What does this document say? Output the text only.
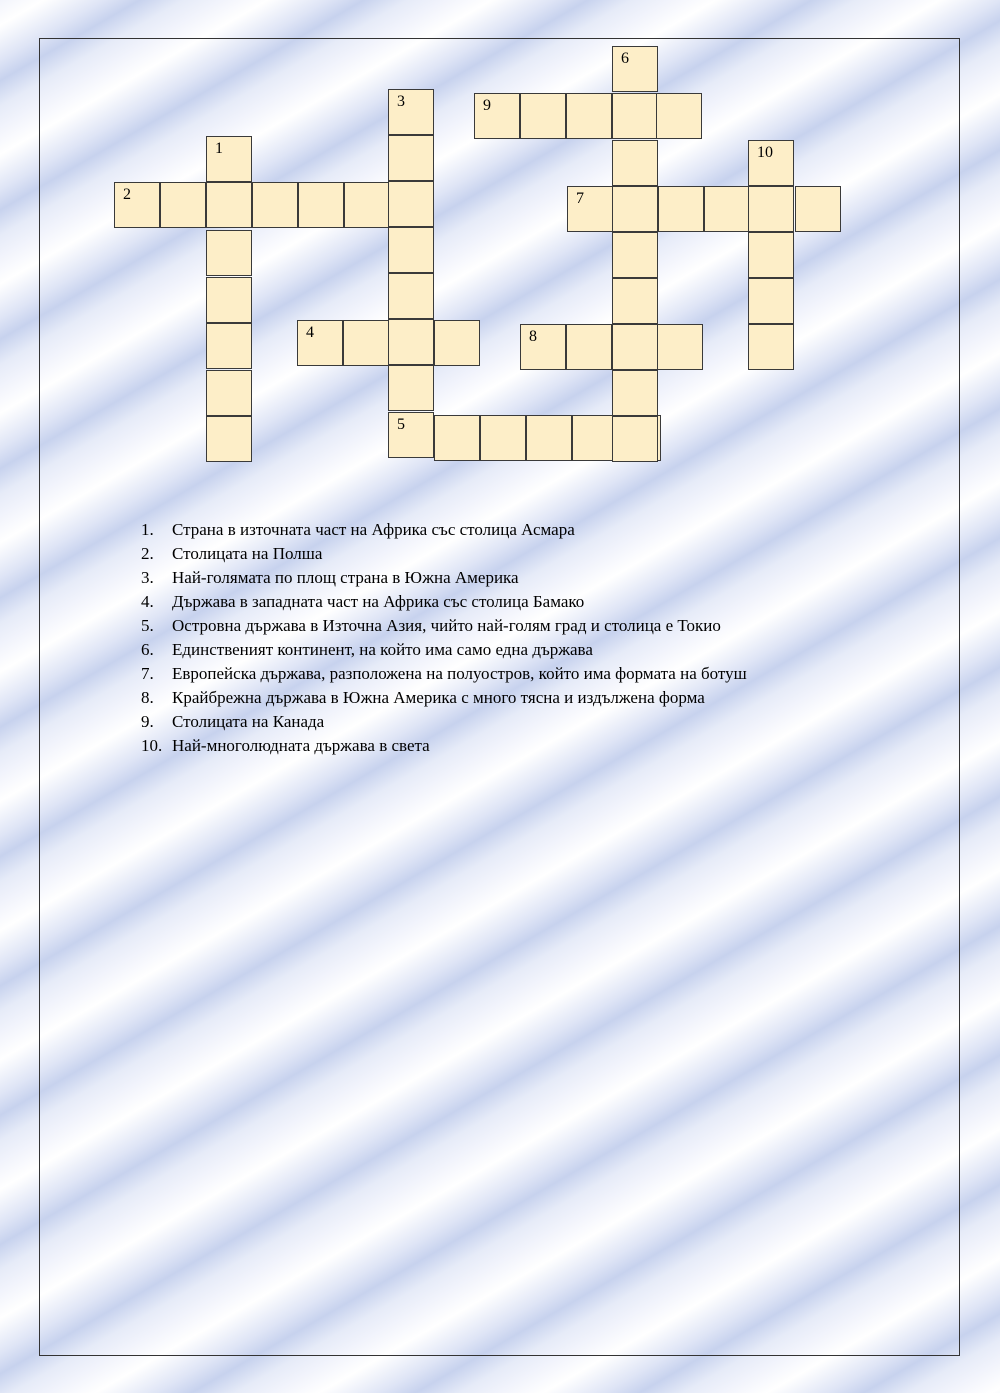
2
1
3
4
5
9
6
7
8
10
1.	Страна в източната част на Африка със столица Асмара
2.	Столицата на Полша
3.	Най-голямата по площ страна в Южна Америка
4.	Държава в западната част на Африка със столица Бамако
5.	Островна държава в Източна Азия, чийто най-голям град и столица е Токио
6.	Единственият континент, на който има само една държава
7.	Европейска държава, разположена на полуостров, който има формата на ботуш
8.	Крайбрежна държава в Южна Америка с много тясна и издължена форма
9.	Столицата на Канада
10. Най-многолюдната държава в света
